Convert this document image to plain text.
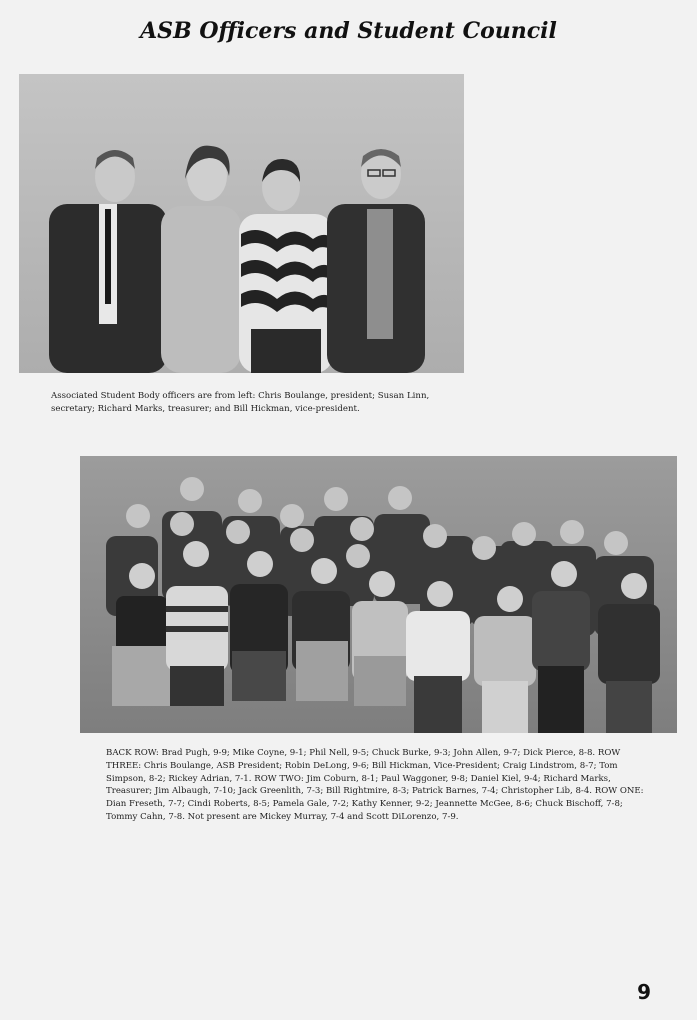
ASB Officers and Student Council
Associated Student Body officers are from left: Chris Boulange, president; Susan Linn, secretary; Richard Marks, treasurer; and Bill Hickman, vice-president.
BACK ROW: Brad Pugh, 9-9; Mike Coyne, 9-1; Phil Nell, 9-5; Chuck Burke, 9-3; John Allen, 9-7; Dick Pierce, 8-8. ROW THREE: Chris Boulange, ASB President; Robin DeLong, 9-6; Bill Hickman, Vice-President; Craig Lindstrom, 8-7; Tom Simpson, 8-2; Rickey Adrian, 7-1. ROW TWO: Jim Coburn, 8-1; Paul Waggoner, 9-8; Daniel Kiel, 9-4; Richard Marks, Treasurer; Jim Albaugh, 7-10; Jack Greenlith, 7-3; Bill Rightmire, 8-3; Patrick Barnes, 7-4; Christopher Lib, 8-4. ROW ONE: Dian Freseth, 7-7; Cindi Roberts, 8-5; Pamela Gale, 7-2; Kathy Kenner, 9-2; Jeannette McGee, 8-6; Chuck Bischoff, 7-8; Tommy Cahn, 7-8. Not present are Mickey Murray, 7-4 and Scott DiLorenzo, 7-9.
9
